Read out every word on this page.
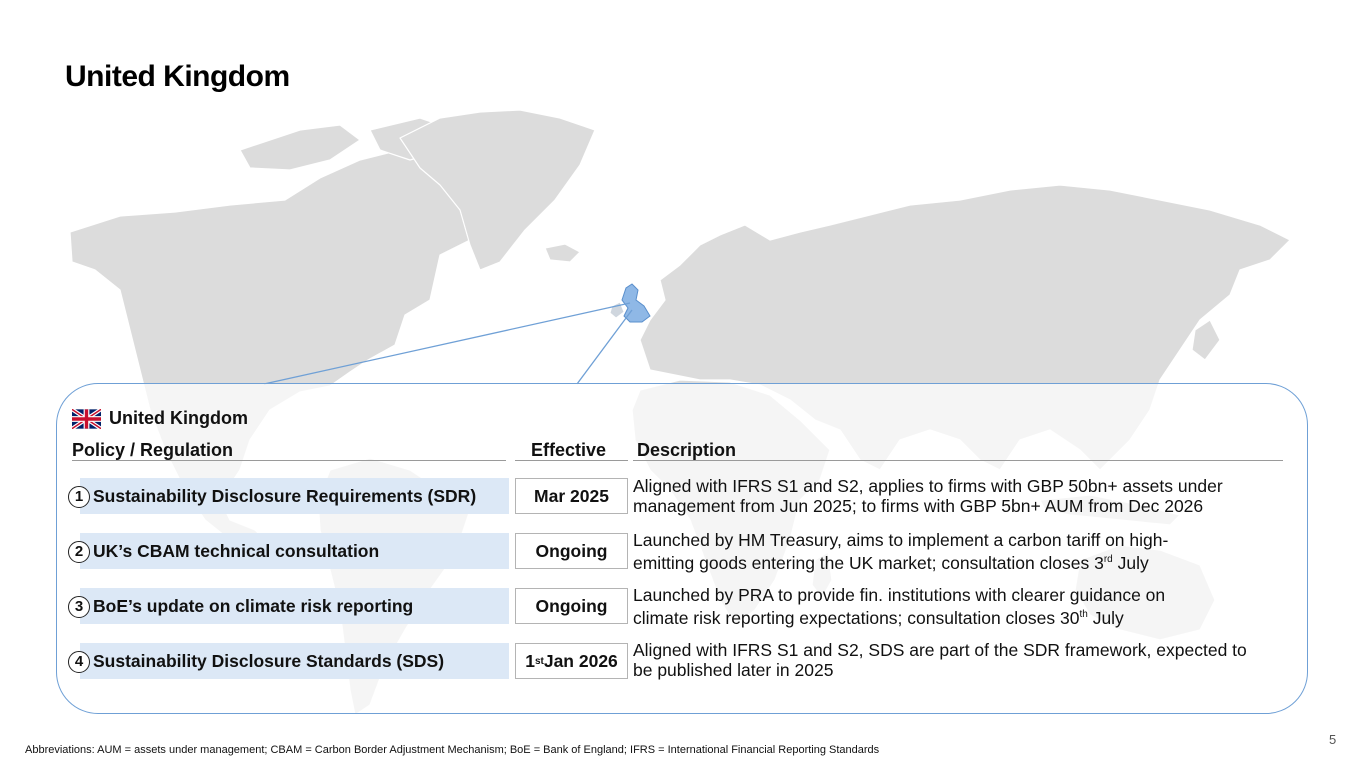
United Kingdom
United Kingdom
Policy / Regulation	Effective Description
1 Sustainability Disclosure Requirements (SDR)	Mar 2025 Aligned with IFRS S1 and S2, applies to firms with GBP 50bn+ assets under
management from Jun 2025; to firms with GBP 5bn+ AUM from Dec 2026
2 UK’s CBAM technical consultation	Ongoing
Launched by HM Treasury, aims to implement a carbon tariff on high-
emitting goods entering the UK market; consultation closes 3rd July
3 BoE’s update on climate risk reporting	Ongoing
Launched by PRA to provide fin. institutions with clearer guidance on
climate risk reporting expectations; consultation closes 30th July
4 Sustainability Disclosure Standards (SDS)	1 st Jan 2026
Aligned with IFRS S1 and S2, SDS are part of the SDR framework, expected to
be published later in 2025
5
Abbreviations: AUM = assets under management; CBAM = Carbon Border Adjustment Mechanism; BoE = Bank of England; IFRS = International Financial Reporting Standards
